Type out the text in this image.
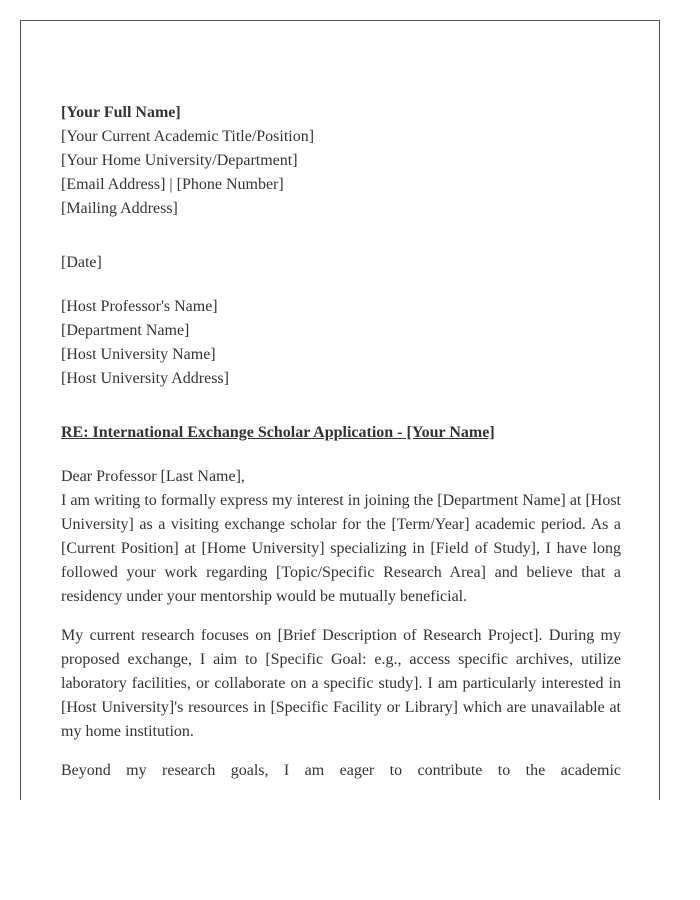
[Your Full Name]
[Your Current Academic Title/Position]
[Your Home University/Department]
[Email Address] | [Phone Number]
[Mailing Address]
[Date]
[Host Professor's Name]
[Department Name]
[Host University Name]
[Host University Address]
RE: International Exchange Scholar Application - [Your Name]
Dear Professor [Last Name],

I am writing to formally express my interest in joining the [Department Name] at [Host University] as a visiting exchange scholar for the [Term/Year] academic period. As a [Current Position] at [Home University] specializing in [Field of Study], I have long followed your work regarding [Topic/Specific Research Area] and believe that a residency under your mentorship would be mutually beneficial.

My current research focuses on [Brief Description of Research Project]. During my proposed exchange, I aim to [Specific Goal: e.g., access specific archives, utilize laboratory facilities, or collaborate on a specific study]. I am particularly interested in [Host University]'s resources in [Specific Facility or Library] which are unavailable at my home institution.

Beyond my research goals, I am eager to contribute to the academic
